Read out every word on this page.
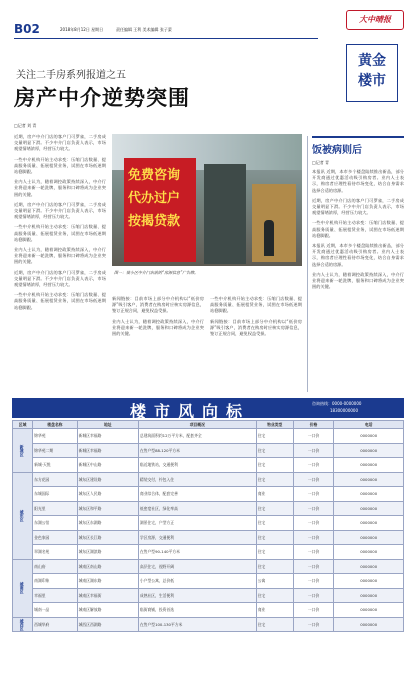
B02	2018年8月12日 星期日	责任编辑 王利 美术编辑 张子蒙
大中晴报
黄金楼市
关注二手房系列报道之五
房产中介逆势突围
□记者 刘 青

近期，房产中介门店的客户门可罗雀，二手房成交量明显下滑。不少中介门店负责人表示，市场观望情绪浓厚，经营压力较大。

一些中介机构开始主动求变：压缩门店数量、提高服务质量、拓展租赁业务，试图在市场低迷期站稳脚跟。

业内人士认为，随着调控政策持续深入，中介行业将迎来新一轮洗牌，服务和口碑将成为企业突围的关键。

近期，房产中介门店的客户门可罗雀，二手房成交量明显下滑。不少中介门店负责人表示，市场观望情绪浓厚，经营压力较大。

一些中介机构开始主动求变：压缩门店数量、提高服务质量、拓展租赁业务，试图在市场低迷期站稳脚跟。

业内人士认为，随着调控政策持续深入，中介行业将迎来新一轮洗牌，服务和口碑将成为企业突围的关键。

近期，房产中介门店的客户门可罗雀，二手房成交量明显下滑。不少中介门店负责人表示，市场观望情绪浓厚，经营压力较大。

一些中介机构开始主动求变：压缩门店数量、提高服务质量、拓展租赁业务，试图在市场低迷期站稳脚跟。

免费咨询
代办过户
按揭贷款
图一：某小区中介门店前的“房源信息”广告牌。

新闻链接：目前市场上部分中介机构以“低价房源”吸引客户，消费者在购房时应核实房源信息，签订正规合同，避免权益受损。

业内人士认为，随着调控政策持续深入，中介行业将迎来新一轮洗牌，服务和口碑将成为企业突围的关键。

一些中介机构开始主动求变：压缩门店数量、提高服务质量、拓展租赁业务，试图在市场低迷期站稳脚跟。

新闻链接：目前市场上部分中介机构以“低价房源”吸引客户，消费者在购房时应核实房源信息，签订正规合同，避免权益受损。

饭被病则后
□记者 青

本报讯 近期，本市多个楼盘陆续推出新品，部分开发商通过优惠活动吸引购房者。业内人士表示，购房者应理性看待市场变化，结合自身需求选择合适的房源。

近期，房产中介门店的客户门可罗雀，二手房成交量明显下滑。不少中介门店负责人表示，市场观望情绪浓厚，经营压力较大。

一些中介机构开始主动求变：压缩门店数量、提高服务质量、拓展租赁业务，试图在市场低迷期站稳脚跟。

本报讯 近期，本市多个楼盘陆续推出新品，部分开发商通过优惠活动吸引购房者。业内人士表示，购房者应理性看待市场变化，结合自身需求选择合适的房源。

业内人士认为，随着调控政策持续深入，中介行业将迎来新一轮洗牌，服务和口碑将成为企业突围的关键。

楼市风向标	咨询热线：0000-0000000
18300000000
区域	楼盘名称	地址	项目概况	物业类型	价格	电话
新城区	锦华苑	新城区幸福路	总建筑面积约12万平方米，配套齐全	住宅	一口价	0000000
	锦华苑二期	新城区幸福路	在售户型88-120平方米	住宅	一口价	0000000
	新城·天悦	新城区中山路	临近地铁站，交通便利	住宅	一口价	0000000
城东区	东方花园	城东区建设路	精装交付，拎包入住	住宅	一口价	0000000
	东城国际	城东区人民路	商业综合体，配套完善	商业	一口价	0000000
	阳光里	城东区和平路	低密度社区，绿化率高	住宅	一口价	0000000
	东湖公馆	城东区东湖路	湖景住宅，户型方正	住宅	一口价	0000000
	金色家园	城东区长江路	学区房源，交通便利	住宅	一口价	0000000
	翠湖名苑	城东区湖滨路	在售户型90-140平方米	住宅	一口价	0000000
城南区	南山府	城南区南山路	高层住宅，视野开阔	住宅	一口价	0000000
	南湖印象	城南区湖东路	小户型公寓，总价低	公寓	一口价	0000000
	幸福里	城南区幸福街	成熟社区，生活便利	住宅	一口价	0000000
	城南一品	城南区解放路	临街商铺，投资首选	商业	一口价	0000000
城西区	西城华府	城西区西湖路	在售户型100-130平方米	住宅	一口价	0000000
